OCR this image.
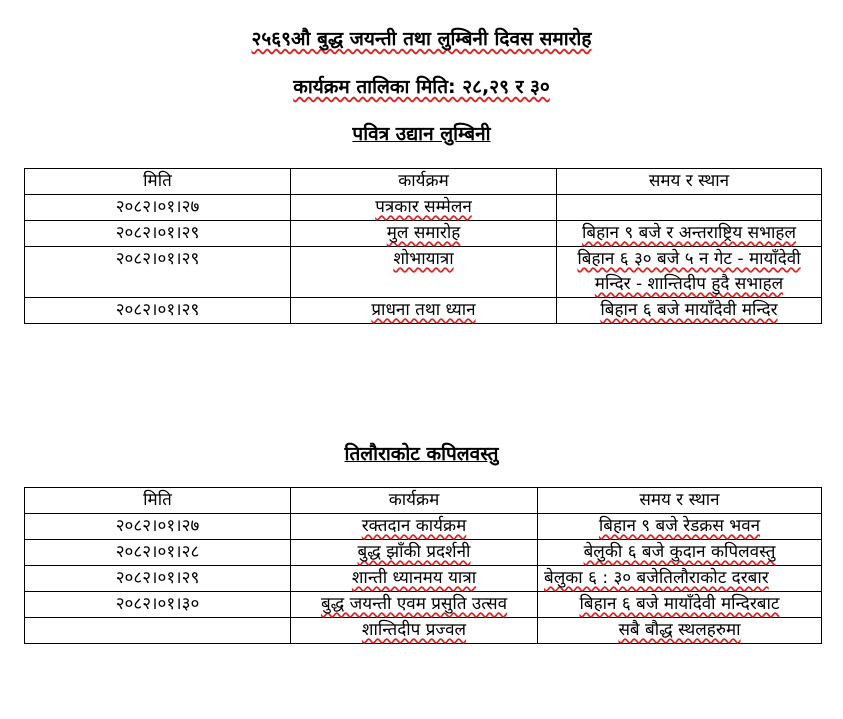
२५६९औ बुद्ध जयन्ती तथा लुम्बिनी दिवस समारोह
कार्यक्रम तालिका मिति: २८,२९ र ३०
पवित्र उद्यान लुम्बिनी
मिति	कार्यक्रम	समय र स्थान
२०८२।०१।२७	पत्रकार सम्मेलन	
२०८२।०१।२९	मुल समारोह	बिहान ९ बजे र अन्तराष्ट्रिय सभाहल
२०८२।०१।२९	शोभायात्रा	बिहान ६ ३० बजे ५ न गेट - मायाँदेवी मन्दिर - शान्तिदीप हुदै सभाहल
२०८२।०१।२९	प्राधना तथा ध्यान	बिहान ६ बजे मायाँदेवी मन्दिर
तिलौराकोट कपिलवस्तु
मिति	कार्यक्रम	समय र स्थान
२०८२।०१।२७	रक्तदान कार्यक्रम	बिहान ९ बजे रेडक्रस भवन
२०८२।०१।२८	बुद्ध झाँकी प्रदर्शनी	बेलुकी ६ बजे कुदान कपिलवस्तु
२०८२।०१।२९	शान्ती ध्यानमय यात्रा	बेलुका ६ : ३० बजेतिलौराकोट दरबार
२०८२।०१।३०	बुद्ध जयन्ती एवम प्रसुति उत्सव	बिहान ६ बजे मायाँदेवी मन्दिरबाट
	शान्तिदीप प्रज्वल	सबै बौद्ध स्थलहरुमा
